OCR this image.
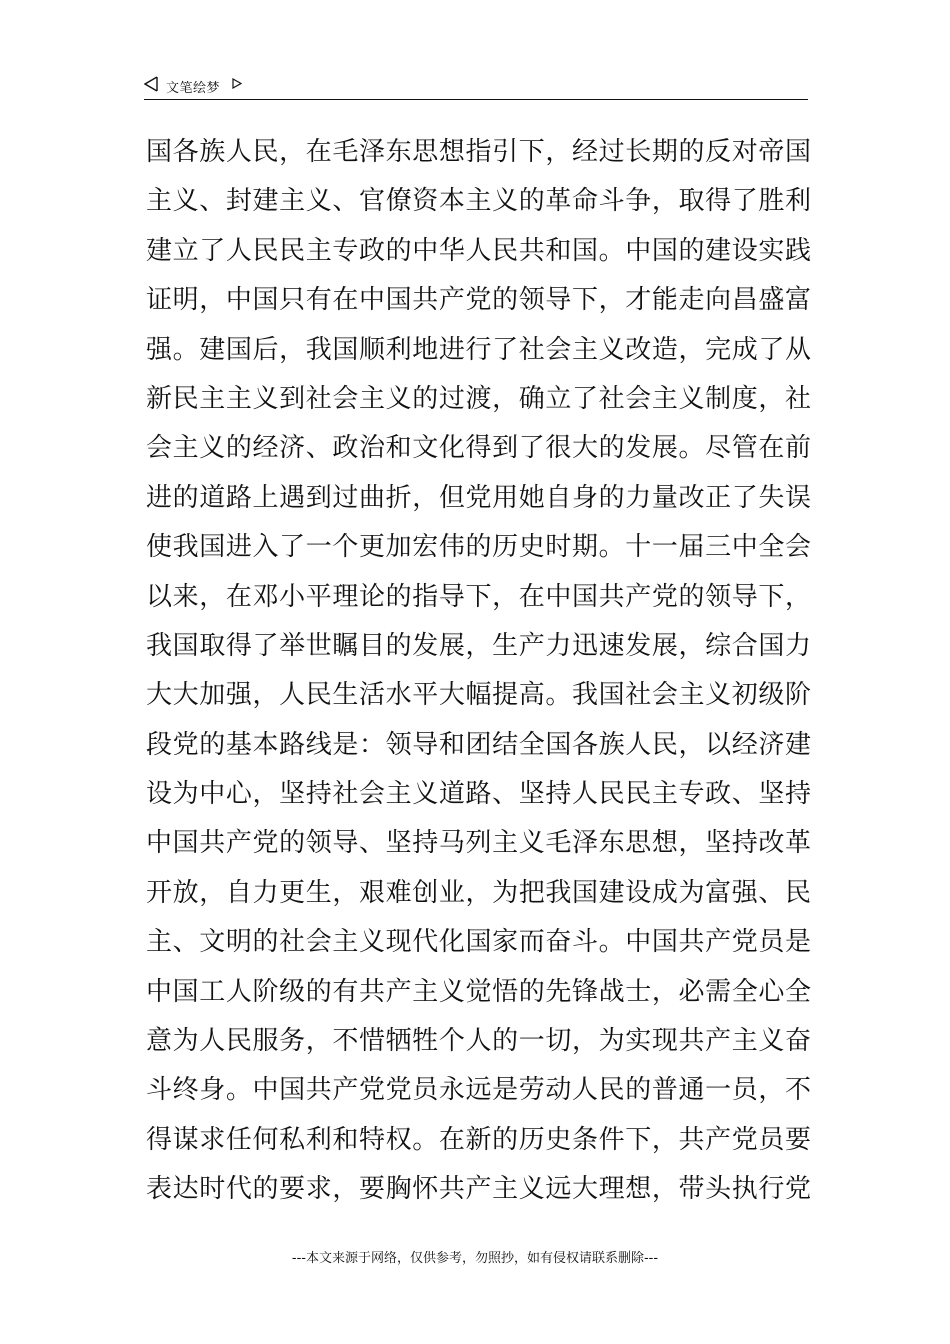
文笔绘梦
国各族人民，在毛泽东思想指引下，经过长期的反对帝国
主义、封建主义、官僚资本主义的革命斗争，取得了胜利
建立了人民民主专政的中华人民共和国。中国的建设实践
证明，中国只有在中国共产党的领导下，才能走向昌盛富
强。建国后，我国顺利地进行了社会主义改造，完成了从
新民主主义到社会主义的过渡，确立了社会主义制度，社
会主义的经济、政治和文化得到了很大的发展。尽管在前
进的道路上遇到过曲折，但党用她自身的力量改正了失误
使我国进入了一个更加宏伟的历史时期。十一届三中全会
以来，在邓小平理论的指导下，在中国共产党的领导下，
我国取得了举世瞩目的发展，生产力迅速发展，综合国力
大大加强，人民生活水平大幅提高。我国社会主义初级阶
段党的基本路线是：领导和团结全国各族人民，以经济建
设为中心，坚持社会主义道路、坚持人民民主专政、坚持
中国共产党的领导、坚持马列主义毛泽东思想，坚持改革
开放，自力更生，艰难创业，为把我国建设成为富强、民
主、文明的社会主义现代化国家而奋斗。中国共产党员是
中国工人阶级的有共产主义觉悟的先锋战士，必需全心全
意为人民服务，不惜牺牲个人的一切，为实现共产主义奋
斗终身。中国共产党党员永远是劳动人民的普通一员，不
得谋求任何私利和特权。在新的历史条件下，共产党员要
表达时代的要求，要胸怀共产主义远大理想，带头执行党
---本文来源于网络，仅供参考，勿照抄，如有侵权请联系删除---
